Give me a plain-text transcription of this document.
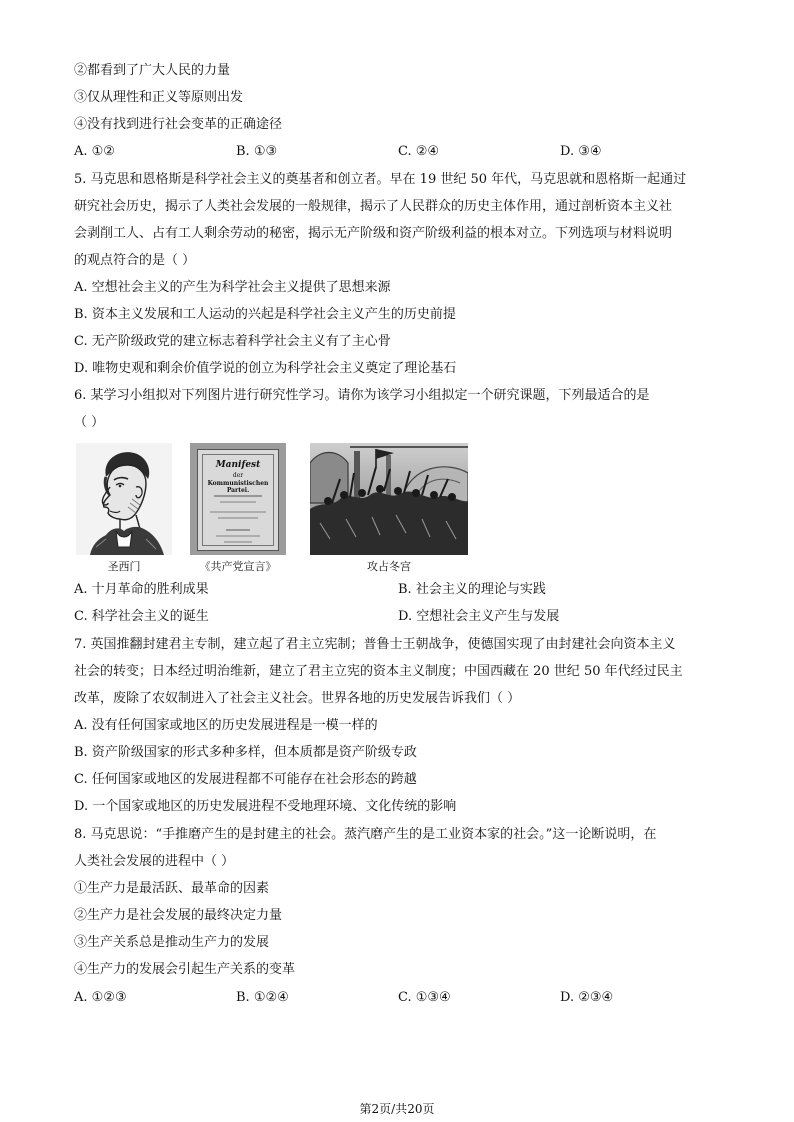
②都看到了广大人民的力量
③仅从理性和正义等原则出发
④没有找到进行社会变革的正确途径
A. ①②	B. ①③	C. ②④	D. ③④
5. 马克思和恩格斯是科学社会主义的奠基者和创立者。早在 19 世纪 50 年代，马克思就和恩格斯一起通过
研究社会历史，揭示了人类社会发展的一般规律，揭示了人民群众的历史主体作用，通过剖析资本主义社
会剥削工人、占有工人剩余劳动的秘密，揭示无产阶级和资产阶级利益的根本对立。下列选项与材料说明
的观点符合的是（ ）
A. 空想社会主义的产生为科学社会主义提供了思想来源
B. 资本主义发展和工人运动的兴起是科学社会主义产生的历史前提
C. 无产阶级政党的建立标志着科学社会主义有了主心骨
D. 唯物史观和剩余价值学说的创立为科学社会主义奠定了理论基石
6. 某学习小组拟对下列图片进行研究性学习。请你为该学习小组拟定一个研究课题，下列最适合的是
（ ）
圣西门
Manifest
der
Kommunistischen Partei.
《共产党宣言》	攻占冬宫
A. 十月革命的胜利成果	B. 社会主义的理论与实践
C. 科学社会主义的诞生	D. 空想社会主义产生与发展
7. 英国推翻封建君主专制，建立起了君主立宪制；普鲁士王朝战争，使德国实现了由封建社会向资本主义
社会的转变；日本经过明治维新，建立了君主立宪的资本主义制度；中国西藏在 20 世纪 50 年代经过民主
改革，废除了农奴制进入了社会主义社会。世界各地的历史发展告诉我们（ ）
A. 没有任何国家或地区的历史发展进程是一模一样的
B. 资产阶级国家的形式多种多样，但本质都是资产阶级专政
C. 任何国家或地区的发展进程都不可能存在社会形态的跨越
D. 一个国家或地区的历史发展进程不受地理环境、文化传统的影响
8. 马克思说：“手推磨产生的是封建主的社会。蒸汽磨产生的是工业资本家的社会。”这一论断说明，在
人类社会发展的进程中（ ）
①生产力是最活跃、最革命的因素
②生产力是社会发展的最终决定力量
③生产关系总是推动生产力的发展
④生产力的发展会引起生产关系的变革
A. ①②③	B. ①②④	C. ①③④	D. ②③④
第2页/共20页
